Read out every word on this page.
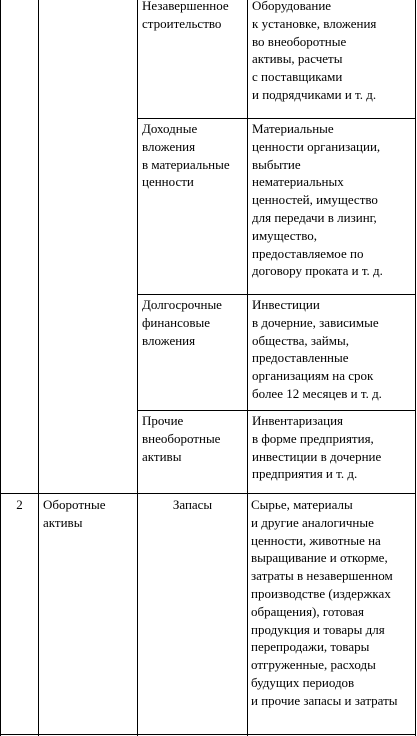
Незавершенное
строительство
Оборудование
к установке, вложения
во внеоборотные
активы, расчеты
с поставщиками
и подрядчиками и т. д.
Доходные
вложения
в материальные
ценности
Материальные
ценности организации,
выбытие
нематериальных
ценностей, имущество
для передачи в лизинг,
имущество,
предоставляемое по
договору проката и т. д.
Долгосрочные
финансовые
вложения
Инвестиции
в дочерние, зависимые
общества, займы,
предоставленные
организациям на срок
более 12 месяцев и т. д.
Прочие
внеоборотные
активы
Инвентаризация
в форме предприятия,
инвестиции в дочерние
предприятия и т. д.
2	Оборотные
активы
Запасы	Сырье, материалы
и другие аналогичные
ценности, животные на
выращивание и откорме,
затраты в незавершенном
производстве (издержках
обращения), готовая
продукция и товары для
перепродажи, товары
отгруженные, расходы
будущих периодов
и прочие запасы и затраты
